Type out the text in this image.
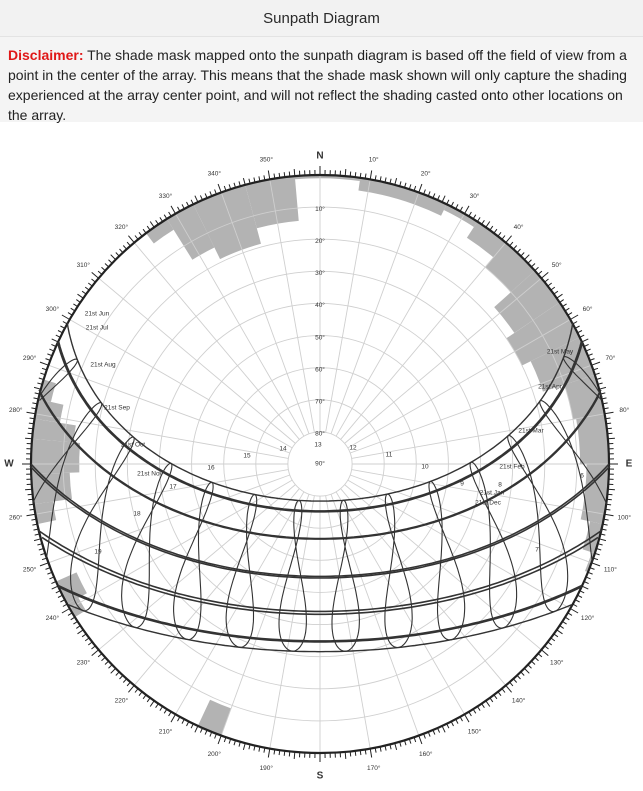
Sunpath Diagram
Disclaimer: The shade mask mapped onto the sunpath diagram is based off the field of view from a point in the center of the array. This means that the shade mask shown will only capture the shading experienced at the array center point, and will not reflect the shading casted onto other locations on the array.
N
S
E
W
10°
20°
30°
40°
50°
60°
70°
80°
100°
110°
120°
130°
140°
150°
160°
170°
190°
200°
210°
220°
230°
240°
250°
260°
280°
290°
300°
310°
320°
330°
340°
350°
10°
20°
30°
40°
50°
60°
70°
80°
90°
21st Jun
21st Jul
21st Aug
21st Sep
21st Oct
21st Nov
21st May
21st Apr
21st Mar
21st Feb
21st Jan
21st Dec
6
7
8
9
10
11
12
13
14
15
16
17
18
19
